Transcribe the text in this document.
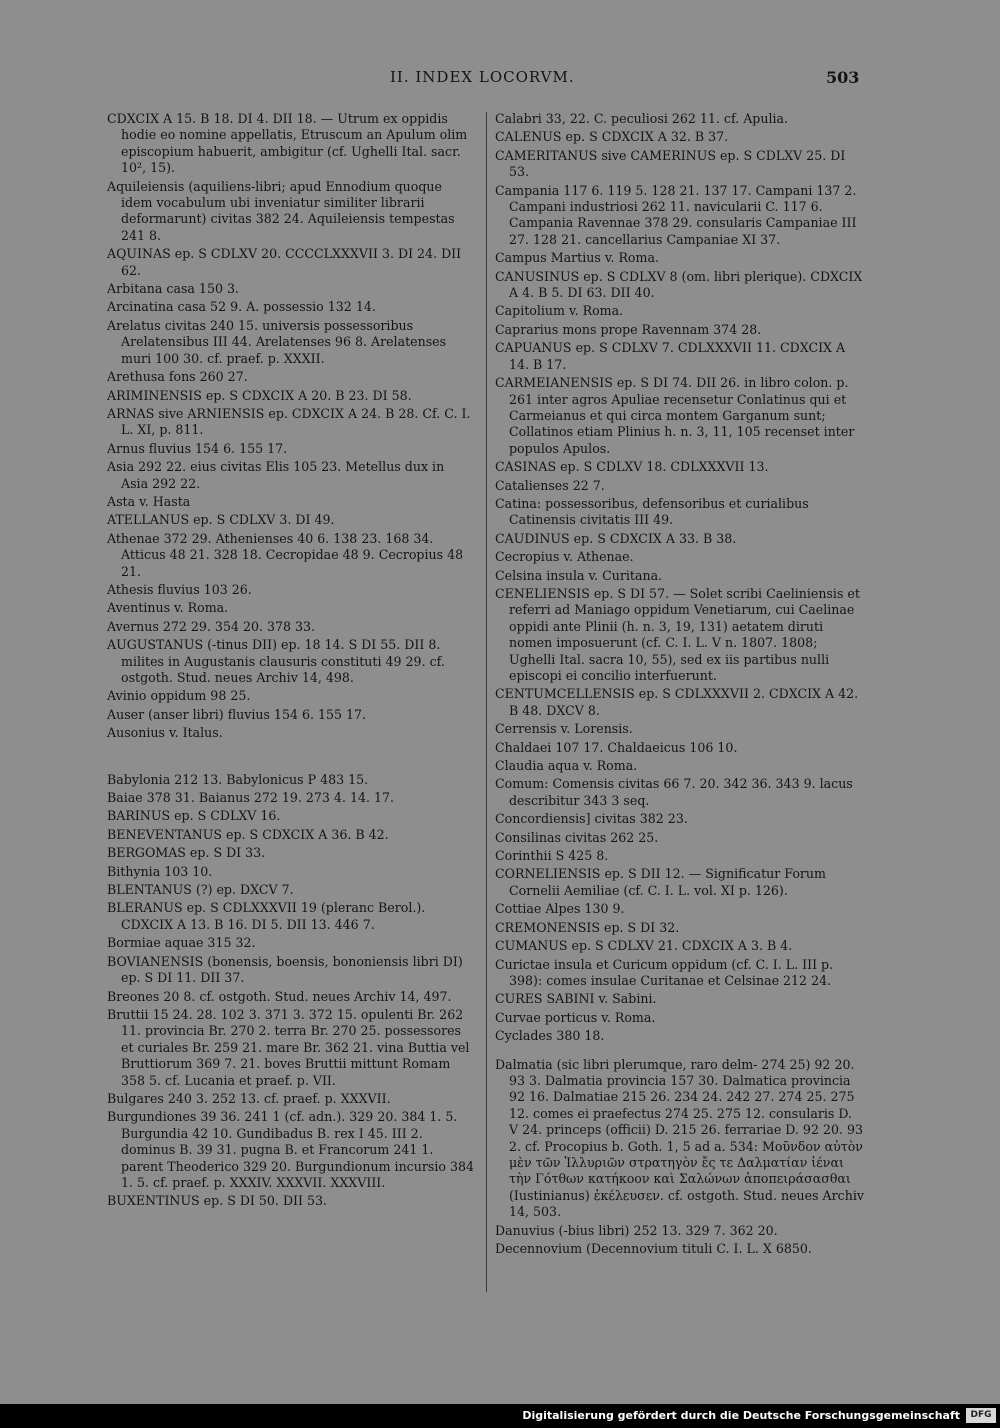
II. INDEX LOCORVM.	503
CDXCIX A 15. B 18. DI 4. DII 18. — Utrum ex oppidis hodie eo nomine appellatis, Etruscum an Apulum olim episcopium habuerit, ambigitur (cf. Ughelli Ital. sacr. 10², 15).
Aquileiensis (aquiliens-libri; apud Ennodium quoque idem vocabulum ubi inveniatur similiter librarii deformarunt) civitas 382 24. Aquileiensis tempestas 241 8.
AQUINAS ep. S CDLXV 20. CCCCLXXXVII 3. DI 24. DII 62.
Arbitana casa 150 3.
Arcinatina casa 52 9. A. possessio 132 14.
Arelatus civitas 240 15. universis possessoribus Arelatensibus III 44. Arelatenses 96 8. Arelatenses muri 100 30. cf. praef. p. XXXII.
Arethusa fons 260 27.
ARIMINENSIS ep. S CDXCIX A 20. B 23. DI 58.
ARNAS sive ARNIENSIS ep. CDXCIX A 24. B 28. Cf. C. I. L. XI, p. 811.
Arnus fluvius 154 6. 155 17.
Asia 292 22. eius civitas Elis 105 23. Metellus dux in Asia 292 22.
Asta v. Hasta
ATELLANUS ep. S CDLXV 3. DI 49.
Athenae 372 29. Athenienses 40 6. 138 23. 168 34. Atticus 48 21. 328 18. Cecropidae 48 9. Cecropius 48 21.
Athesis fluvius 103 26.
Aventinus v. Roma.
Avernus 272 29. 354 20. 378 33.
AUGUSTANUS (-tinus DII) ep. 18 14. S DI 55. DII 8. milites in Augustanis clausuris constituti 49 29. cf. ostgoth. Stud. neues Archiv 14, 498.
Avinio oppidum 98 25.
Auser (anser libri) fluvius 154 6. 155 17.
Ausonius v. Italus.
Babylonia 212 13. Babylonicus P 483 15.
Baiae 378 31. Baianus 272 19. 273 4. 14. 17.
BARINUS ep. S CDLXV 16.
BENEVENTANUS ep. S CDXCIX A 36. B 42.
BERGOMAS ep. S DI 33.
Bithynia 103 10.
BLENTANUS (?) ep. DXCV 7.
BLERANUS ep. S CDLXXXVII 19 (pleranc Berol.). CDXCIX A 13. B 16. DI 5. DII 13. 446 7.
Bormiae aquae 315 32.
BOVIANENSIS (bonensis, boensis, bononiensis libri DI) ep. S DI 11. DII 37.
Breones 20 8. cf. ostgoth. Stud. neues Archiv 14, 497.
Bruttii 15 24. 28. 102 3. 371 3. 372 15. opulenti Br. 262 11. provincia Br. 270 2. terra Br. 270 25. possessores et curiales Br. 259 21. mare Br. 362 21. vina Buttia vel Bruttiorum 369 7. 21. boves Bruttii mittunt Romam 358 5. cf. Lucania et praef. p. VII.
Bulgares 240 3. 252 13. cf. praef. p. XXXVII.
Burgundiones 39 36. 241 1 (cf. adn.). 329 20. 384 1. 5. Burgundia 42 10. Gundibadus B. rex I 45. III 2. dominus B. 39 31. pugna B. et Francorum 241 1. parent Theoderico 329 20. Burgundionum incursio 384 1. 5. cf. praef. p. XXXIV. XXXVII. XXXVIII.
BUXENTINUS ep. S DI 50. DII 53.
Calabri 33, 22. C. peculiosi 262 11. cf. Apulia.
CALENUS ep. S CDXCIX A 32. B 37.
CAMERITANUS sive CAMERINUS ep. S CDLXV 25. DI 53.
Campania 117 6. 119 5. 128 21. 137 17. Campani 137 2. Campani industriosi 262 11. navicularii C. 117 6. Campania Ravennae 378 29. consularis Campaniae III 27. 128 21. cancellarius Campaniae XI 37.
Campus Martius v. Roma.
CANUSINUS ep. S CDLXV 8 (om. libri plerique). CDXCIX A 4. B 5. DI 63. DII 40.
Capitolium v. Roma.
Caprarius mons prope Ravennam 374 28.
CAPUANUS ep. S CDLXV 7. CDLXXXVII 11. CDXCIX A 14. B 17.
CARMEIANENSIS ep. S DI 74. DII 26. in libro colon. p. 261 inter agros Apuliae recensetur Conlatinus qui et Carmeianus et qui circa montem Garganum sunt; Collatinos etiam Plinius h. n. 3, 11, 105 recenset inter populos Apulos.
CASINAS ep. S CDLXV 18. CDLXXXVII 13.
Catalienses 22 7.
Catina: possessoribus, defensoribus et curialibus Catinensis civitatis III 49.
CAUDINUS ep. S CDXCIX A 33. B 38.
Cecropius v. Athenae.
Celsina insula v. Curitana.
CENELIENSIS ep. S DI 57. — Solet scribi Caeliniensis et referri ad Maniago oppidum Venetiarum, cui Caelinae oppidi ante Plinii (h. n. 3, 19, 131) aetatem diruti nomen imposuerunt (cf. C. I. L. V n. 1807. 1808; Ughelli Ital. sacra 10, 55), sed ex iis partibus nulli episcopi ei concilio interfuerunt.
CENTUMCELLENSIS ep. S CDLXXXVII 2. CDXCIX A 42. B 48. DXCV 8.
Cerrensis v. Lorensis.
Chaldaei 107 17. Chaldaeicus 106 10.
Claudia aqua v. Roma.
Comum: Comensis civitas 66 7. 20. 342 36. 343 9. lacus describitur 343 3 seq.
Concordiensis] civitas 382 23.
Consilinas civitas 262 25.
Corinthii S 425 8.
CORNELIENSIS ep. S DII 12. — Significatur Forum Cornelii Aemiliae (cf. C. I. L. vol. XI p. 126).
Cottiae Alpes 130 9.
CREMONENSIS ep. S DI 32.
CUMANUS ep. S CDLXV 21. CDXCIX A 3. B 4.
Curictae insula et Curicum oppidum (cf. C. I. L. III p. 398): comes insulae Curitanae et Celsinae 212 24.
CURES SABINI v. Sabini.
Curvae porticus v. Roma.
Cyclades 380 18.
Dalmatia (sic libri plerumque, raro delm- 274 25) 92 20. 93 3. Dalmatia provincia 157 30. Dalmatica provincia 92 16. Dalmatiae 215 26. 234 24. 242 27. 274 25. 275 12. comes ei praefectus 274 25. 275 12. consularis D. V 24. princeps (officii) D. 215 26. ferrariae D. 92 20. 93 2. cf. Procopius b. Goth. 1, 5 ad a. 534: Μοῦνδον αὐτὸν μὲν τῶν Ἰλλυριῶν στρατηγὸν ἔς τε Δαλματίαν ἰέναι τὴν Γότθων κατήκοον καὶ Σαλώνων ἀποπειράσασθαι (Iustinianus) ἐκέλευσεν. cf. ostgoth. Stud. neues Archiv 14, 503.
Danuvius (-bius libri) 252 13. 329 7. 362 20.
Decennovium (Decennovium tituli C. I. L. X 6850.
Digitalisierung gefördert durch die Deutsche Forschungsgemeinschaft	DFG
